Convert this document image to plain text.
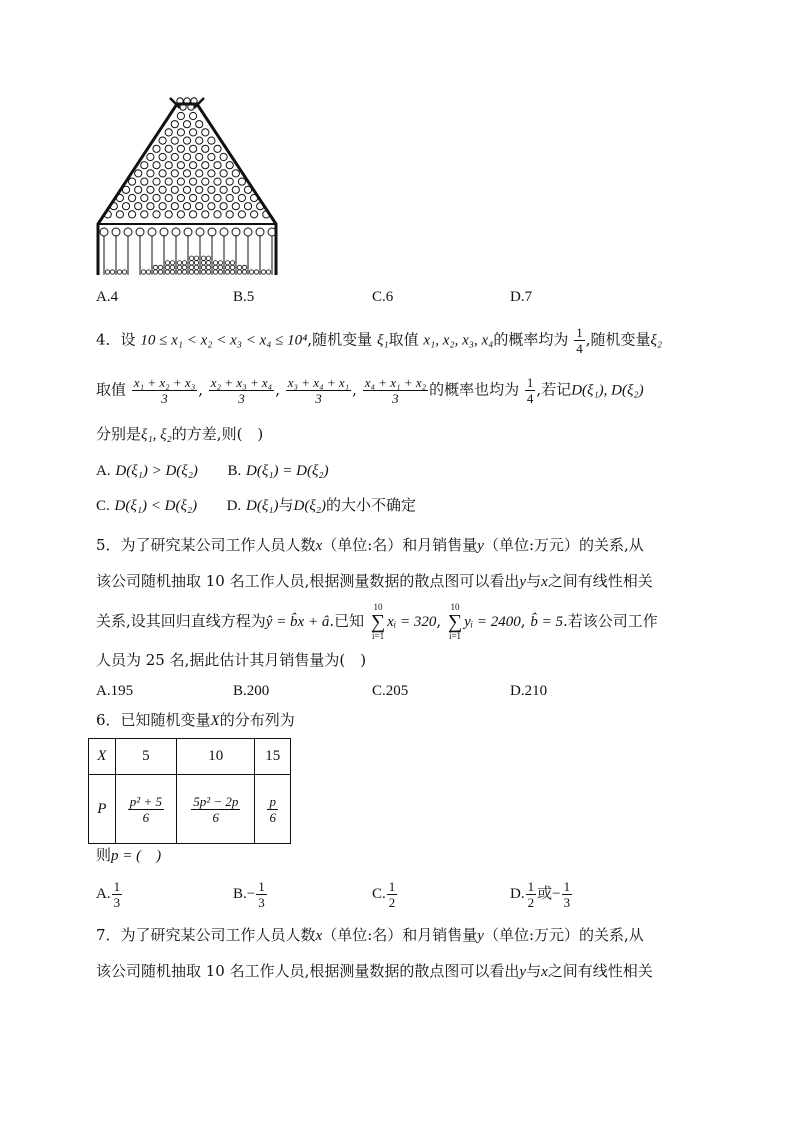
A.4	B.5	C.6	D.7
4．设 10 ≤ x₁ < x₂ < x₃ < x₄ ≤ 10⁴,随机变量 ξ₁取值 x₁, x₂, x₃, x₄的概率均为 $\frac{1}{4}$ ,随机变量ξ₂
取值 $\frac{\text{x₁ + x₂ + x₃}}{3}$ , $\frac{\text{x₂ + x₃ + x₄}}{3}$ , $\frac{\text{x₃ + x₄ + x₁}}{3}$ , $\frac{\text{x₄ + x₁ + x₂}}{3}$ 的概率也均为 $\frac{1}{4}$ ,若记D(ξ₁), D(ξ₂)
分别是ξ₁, ξ₂的方差,则(　)
A. D(ξ₁) > D(ξ₂) B. D(ξ₁) = D(ξ₂)
C. D(ξ₁) < D(ξ₂) D. D(ξ₁)与D(ξ₂)的大小不确定
5．为了研究某公司工作人员人数x（单位:名）和月销售量y（单位:万元）的关系,从
该公司随机抽取 10 名工作人员,根据测量数据的散点图可以看出y与x之间有线性相关
关系,设其回归直线方程为ŷ = b̂x + â.已知
10
∑
i=1
xᵢ = 320,
10
∑
i=1
yᵢ = 2400, b̂ = 5.若该公司工作
人员为 25 名,据此估计其月销售量为(　)
A.195	B.200	C.205	D.210
6．已知随机变量X的分布列为
X	5	10	15
P	$\frac{\text{p² + 5}}{6}$	$\frac{\text{5p² − 2p}}{6}$	$\frac{p}{6}$
则p = (　)
A. $\frac{1}{3}$	$B.- \frac{1}{3}$	C. $\frac{1}{2}$	D. $\frac{1}{2}$ 或− $\frac{1}{3}$
7．为了研究某公司工作人员人数x（单位:名）和月销售量y（单位:万元）的关系,从
该公司随机抽取 10 名工作人员,根据测量数据的散点图可以看出y与x之间有线性相关
